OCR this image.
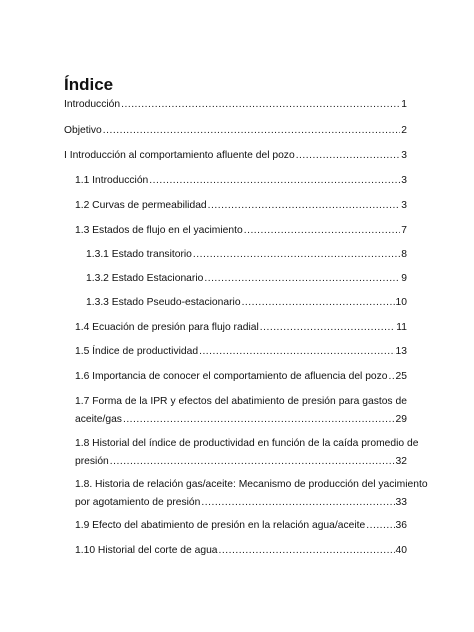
Índice
Introducción .....	1
Objetivo .....	2
I Introducción al comportamiento afluente del pozo .....	3
1.1 Introducción .....	3
1.2 Curvas de permeabilidad .....	3
1.3 Estados de flujo en el yacimiento .....	7
1.3.1 Estado transitorio .....	8
1.3.2 Estado Estacionario .....	9
1.3.3 Estado Pseudo-estacionario .....	10
1.4 Ecuación de presión para flujo radial .....	11
1.5 Índice de productividad .....	13
1.6 Importancia de conocer el comportamiento de afluencia del pozo ..... 25
1.7 Forma de la IPR y efectos del abatimiento de presión para gastos de
aceite/gas .....	29
1.8 Historial del índice de productividad en función de la caída promedio de
presión .....	32
1.8. Historia de relación gas/aceite: Mecanismo de producción del yacimiento
por agotamiento de presión .....	33
1.9 Efecto del abatimiento de presión en la relación agua/aceite .....	36
1.10 Historial del corte de agua .....	40
